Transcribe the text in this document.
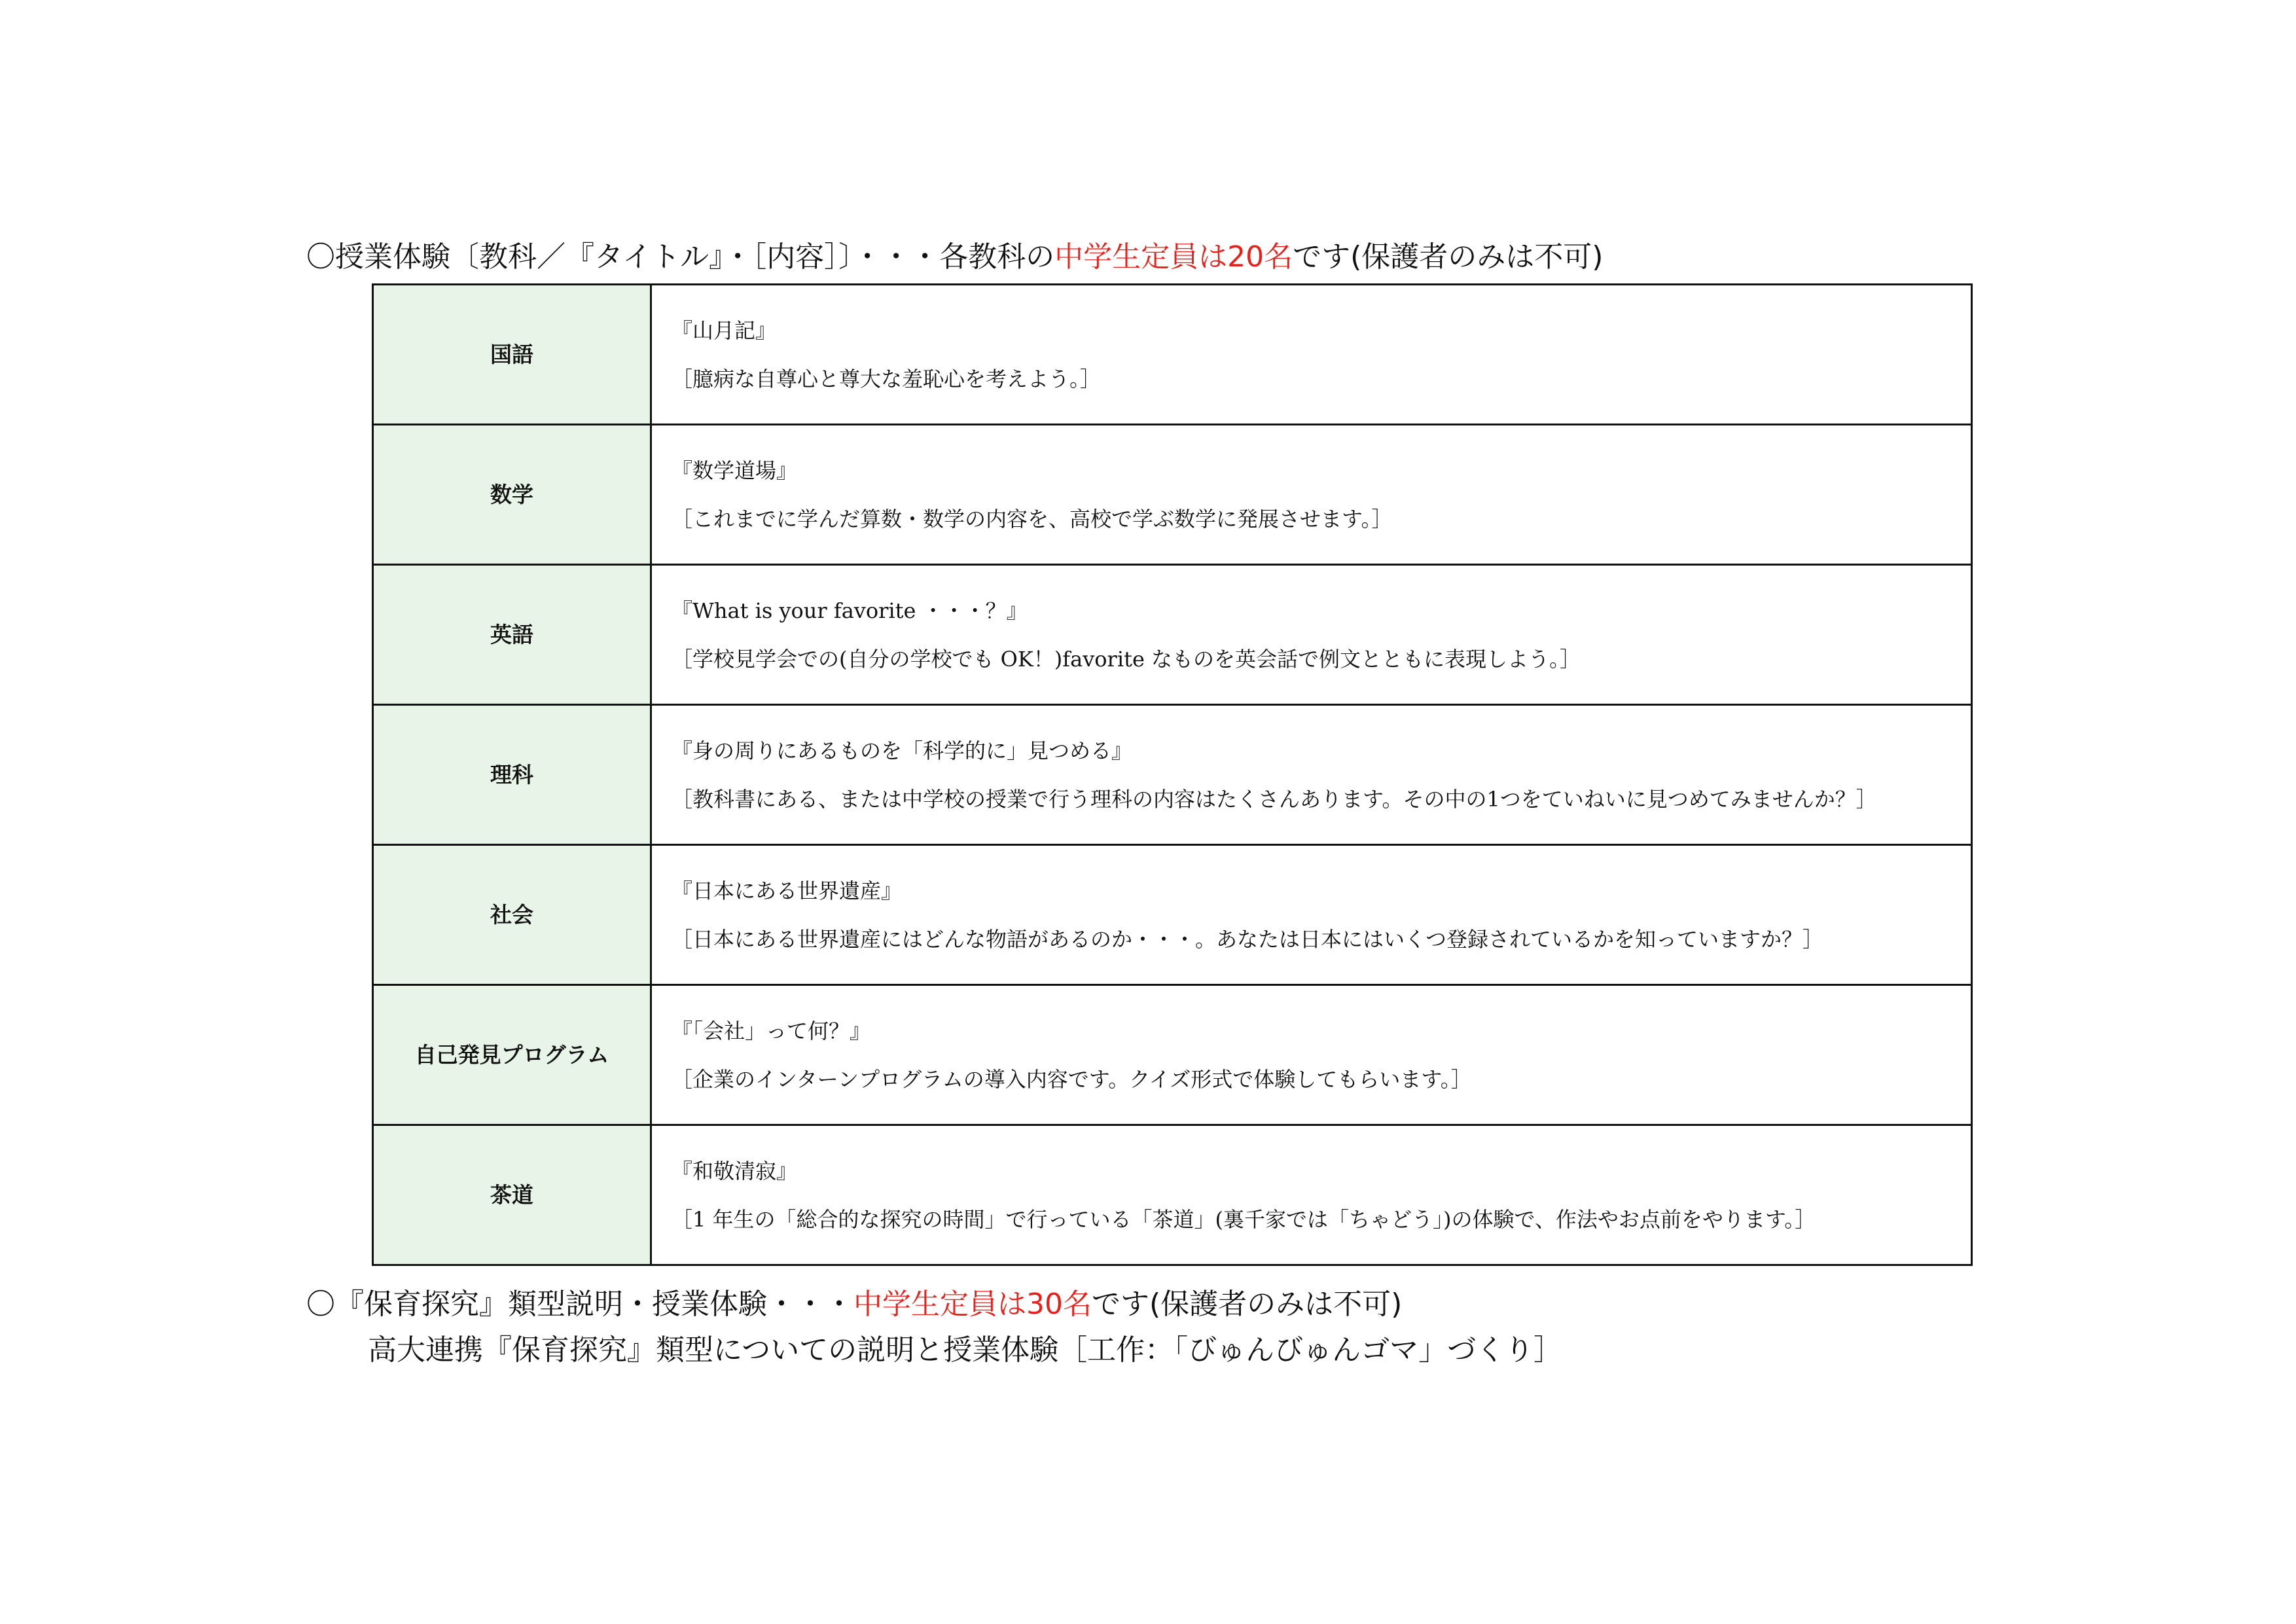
〇授業体験〔教科／『タイトル』・［内容］〕・・・各教科の中学生定員は20名です(保護者のみは不可)
国語	『山月記』
［臆病な自尊心と尊大な羞恥心を考えよう。］

数学	『数学道場』
［これまでに学んだ算数・数学の内容を、高校で学ぶ数学に発展させます。］

英語	『What is your favorite ・・・？』
［学校見学会での(自分の学校でも OK！)favorite なものを英会話で例文とともに表現しよう。］

理科	『身の周りにあるものを「科学的に」見つめる』
［教科書にある、または中学校の授業で行う理科の内容はたくさんあります。その中の1つをていねいに見つめてみませんか？］

社会	『日本にある世界遺産』
［日本にある世界遺産にはどんな物語があるのか・・・。あなたは日本にはいくつ登録されているかを知っていますか？］

自己発見プログラム	『「会社」って何？』
［企業のインターンプログラムの導入内容です。クイズ形式で体験してもらいます。］

茶道	『和敬清寂』
［1 年生の「総合的な探究の時間」で行っている「茶道」(裏千家では「ちゃどう」)の体験で、作法やお点前をやります。］
〇『保育探究』類型説明・授業体験・・・中学生定員は30名です(保護者のみは不可)
高大連携『保育探究』類型についての説明と授業体験［工作：「びゅんびゅんゴマ」づくり］
